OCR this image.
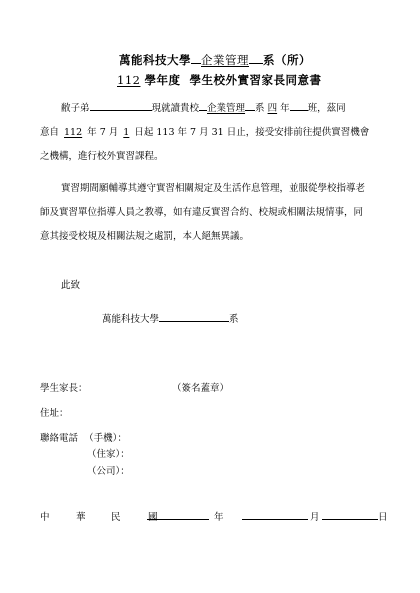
萬能科技大學 企業管理 系（所）
112 學年度 學生校外實習家長同意書
敝子弟	現就讀貴校 企業管理 系 四 年 班，茲同
意自 112 年 7 月 1 日起 113 年 7 月 31 日止，接受安排前往提供實習機會
之機構，進行校外實習課程。
實習期間願輔導其遵守實習相關規定及生活作息管理，並服從學校指導老
師及實習單位指導人員之教導，如有違反實習合約、校規或相關法規情事，同
意其接受校規及相關法規之處罰，本人絕無異議。
此致
萬能科技大學	系
學生家長：	（簽名蓋章）
住址：
聯絡電話 （手機）：
（住家）：
（公司）：
中	華	民	國	年	月	日
